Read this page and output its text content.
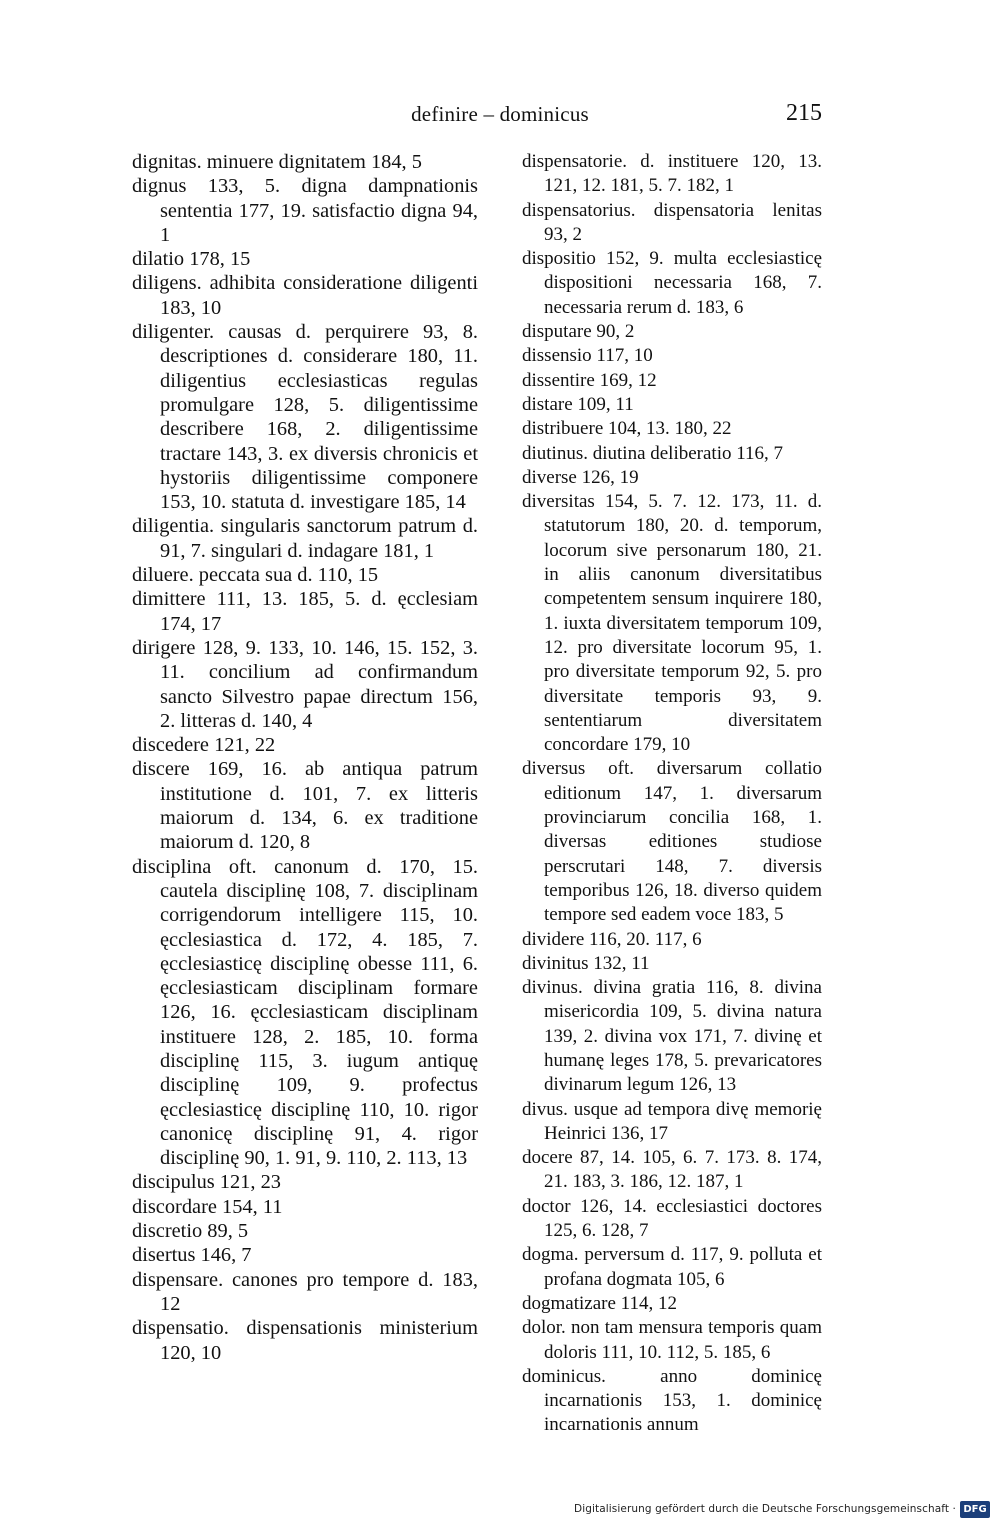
definire – dominicus	215

dignitas. minuere dignitatem 184, 5

dignus 133, 5. digna dampnationis sententia 177, 19. satisfactio digna 94, 1

dilatio 178, 15

diligens. adhibita consideratione diligenti 183, 10

diligenter. causas d. perquirere 93, 8. descriptiones d. considerare 180, 11. diligentius ecclesiasticas regulas promulgare 128, 5. diligentissime describere 168, 2. diligentissime tractare 143, 3. ex diversis chronicis et hystoriis diligentissime componere 153, 10. statuta d. investigare 185, 14

diligentia. singularis sanctorum patrum d. 91, 7. singulari d. indagare 181, 1

diluere. peccata sua d. 110, 15

dimittere 111, 13. 185, 5. d. ęcclesiam 174, 17

dirigere 128, 9. 133, 10. 146, 15. 152, 3. 11. concilium ad confirmandum sancto Silvestro papae directum 156, 2. litteras d. 140, 4

discedere 121, 22

discere 169, 16. ab antiqua patrum institutione d. 101, 7. ex litteris maiorum d. 134, 6. ex traditione maiorum d. 120, 8

disciplina oft. canonum d. 170, 15. cautela disciplinę 108, 7. disciplinam corrigendorum intelligere 115, 10. ęcclesiastica d. 172, 4. 185, 7. ęcclesiasticę disciplinę obesse 111, 6. ęcclesiasticam disciplinam formare 126, 16. ęcclesiasticam disciplinam instituere 128, 2. 185, 10. forma disciplinę 115, 3. iugum antiquę disciplinę 109, 9. profectus ęcclesiasticę disciplinę 110, 10. rigor canonicę disciplinę 91, 4. rigor disciplinę 90, 1. 91, 9. 110, 2. 113, 13

discipulus 121, 23

discordare 154, 11

discretio 89, 5

disertus 146, 7

dispensare. canones pro tempore d. 183, 12

dispensatio. dispensationis ministerium 120, 10

dispensatorie. d. instituere 120, 13. 121, 12. 181, 5. 7. 182, 1

dispensatorius. dispensatoria lenitas 93, 2

dispositio 152, 9. multa ecclesiasticę dispositioni necessaria 168, 7. necessaria rerum d. 183, 6

disputare 90, 2

dissensio 117, 10

dissentire 169, 12

distare 109, 11

distribuere 104, 13. 180, 22

diutinus. diutina deliberatio 116, 7

diverse 126, 19

diversitas 154, 5. 7. 12. 173, 11. d. statutorum 180, 20. d. temporum, locorum sive personarum 180, 21. in aliis canonum diversitatibus competentem sensum inquirere 180, 1. iuxta diversitatem temporum 109, 12. pro diversitate locorum 95, 1. pro diversitate temporum 92, 5. pro diversitate temporis 93, 9. sententiarum diversitatem concordare 179, 10

diversus oft. diversarum collatio editionum 147, 1. diversarum provinciarum concilia 168, 1. diversas editiones studiose perscrutari 148, 7. diversis temporibus 126, 18. diverso quidem tempore sed eadem voce 183, 5

dividere 116, 20. 117, 6

divinitus 132, 11

divinus. divina gratia 116, 8. divina misericordia 109, 5. divina natura 139, 2. divina vox 171, 7. divinę et humanę leges 178, 5. prevaricatores divinarum legum 126, 13

divus. usque ad tempora divę memorię Heinrici 136, 17

docere 87, 14. 105, 6. 7. 173. 8. 174, 21. 183, 3. 186, 12. 187, 1

doctor 126, 14. ecclesiastici doctores 125, 6. 128, 7

dogma. perversum d. 117, 9. polluta et profana dogmata 105, 6

dogmatizare 114, 12

dolor. non tam mensura temporis quam doloris 111, 10. 112, 5. 185, 6

dominicus. anno dominicę incarnationis 153, 1. dominicę incarnationis annum

Digitalisierung gefördert durch die Deutsche Forschungsgemeinschaft · DFG
